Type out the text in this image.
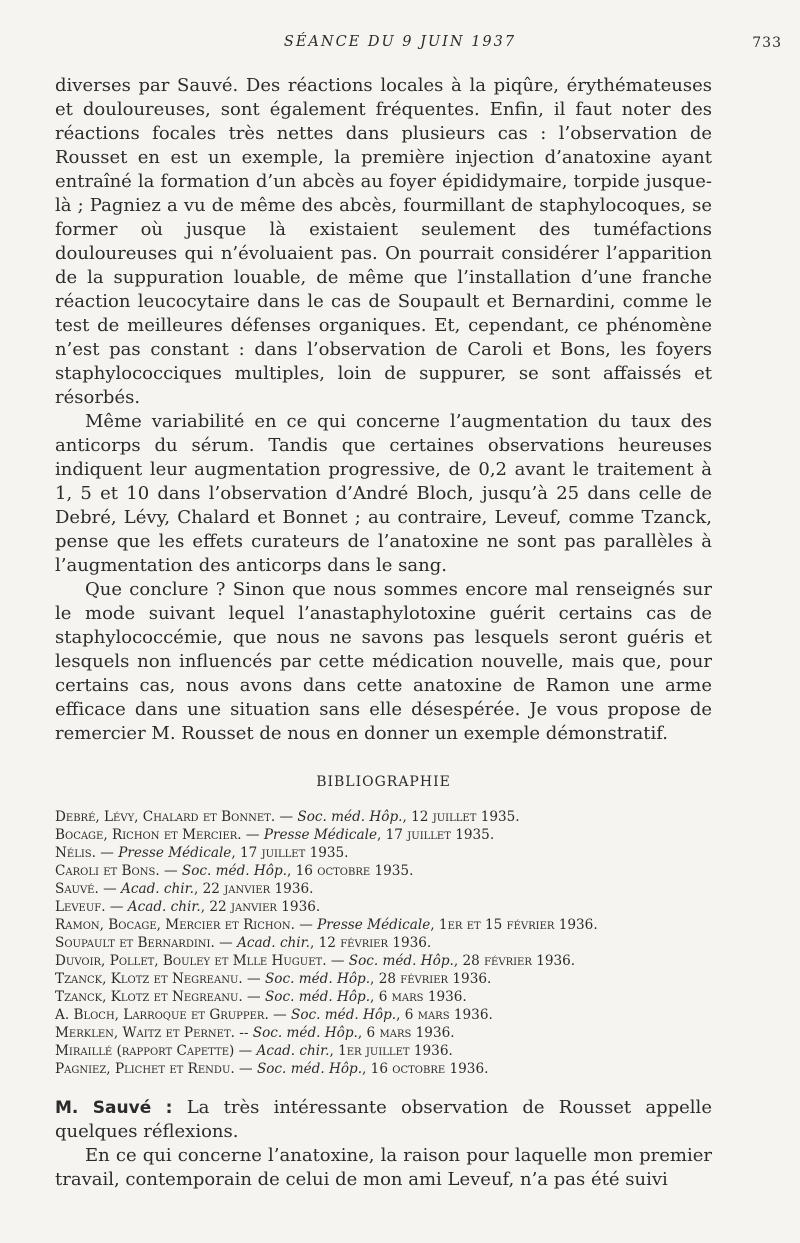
SÉANCE DU 9 JUIN 1937	733

diverses par Sauvé. Des réactions locales à la piqûre, érythémateuses et douloureuses, sont également fréquentes. Enfin, il faut noter des réactions focales très nettes dans plusieurs cas : l’observation de Rousset en est un exemple, la première injection d’anatoxine ayant entraîné la formation d’un abcès au foyer épididymaire, torpide jusque-là ; Pagniez a vu de même des abcès, fourmillant de staphylocoques, se former où jusque là existaient seulement des tuméfactions douloureuses qui n’évoluaient pas. On pourrait considérer l’apparition de la suppuration louable, de même que l’installation d’une franche réaction leucocytaire dans le cas de Soupault et Bernardini, comme le test de meilleures défenses organiques. Et, cependant, ce phénomène n’est pas constant : dans l’observation de Caroli et Bons, les foyers staphylococciques multiples, loin de suppurer, se sont affaissés et résorbés.

Même variabilité en ce qui concerne l’augmentation du taux des anticorps du sérum. Tandis que certaines observations heureuses indiquent leur augmentation progressive, de 0,2 avant le traitement à 1, 5 et 10 dans l’observation d’André Bloch, jusqu’à 25 dans celle de Debré, Lévy, Chalard et Bonnet ; au contraire, Leveuf, comme Tzanck, pense que les effets curateurs de l’anatoxine ne sont pas parallèles à l’augmentation des anticorps dans le sang.

Que conclure ? Sinon que nous sommes encore mal renseignés sur le mode suivant lequel l’anastaphylotoxine guérit certains cas de staphylococcémie, que nous ne savons pas lesquels seront guéris et lesquels non influencés par cette médication nouvelle, mais que, pour certains cas, nous avons dans cette anatoxine de Ramon une arme efficace dans une situation sans elle désespérée. Je vous propose de remercier M. Rousset de nous en donner un exemple démonstratif.

BIBLIOGRAPHIE
Debré, Lévy, Chalard et Bonnet. — Soc. méd. Hôp., 12 juillet 1935.
Bocage, Richon et Mercier. — Presse Médicale, 17 juillet 1935.
Nélis. — Presse Médicale, 17 juillet 1935.
Caroli et Bons. — Soc. méd. Hôp., 16 octobre 1935.
Sauvé. — Acad. chir., 22 janvier 1936.
Leveuf. — Acad. chir., 22 janvier 1936.
Ramon, Bocage, Mercier et Richon. — Presse Médicale, 1er et 15 février 1936.
Soupault et Bernardini. — Acad. chir., 12 février 1936.
Duvoir, Pollet, Bouley et Mlle Huguet. — Soc. méd. Hôp., 28 février 1936.
Tzanck, Klotz et Negreanu. — Soc. méd. Hôp., 28 février 1936.
Tzanck, Klotz et Negreanu. — Soc. méd. Hôp., 6 mars 1936.
A. Bloch, Larroque et Grupper. — Soc. méd. Hôp., 6 mars 1936.
Merklen, Waitz et Pernet. -- Soc. méd. Hôp., 6 mars 1936.
Miraillé (rapport Capette) — Acad. chir., 1er juillet 1936.
Pagniez, Plichet et Rendu. — Soc. méd. Hôp., 16 octobre 1936.

M. Sauvé : La très intéressante observation de Rousset appelle quelques réflexions.

En ce qui concerne l’anatoxine, la raison pour laquelle mon premier travail, contemporain de celui de mon ami Leveuf, n’a pas été suivi
